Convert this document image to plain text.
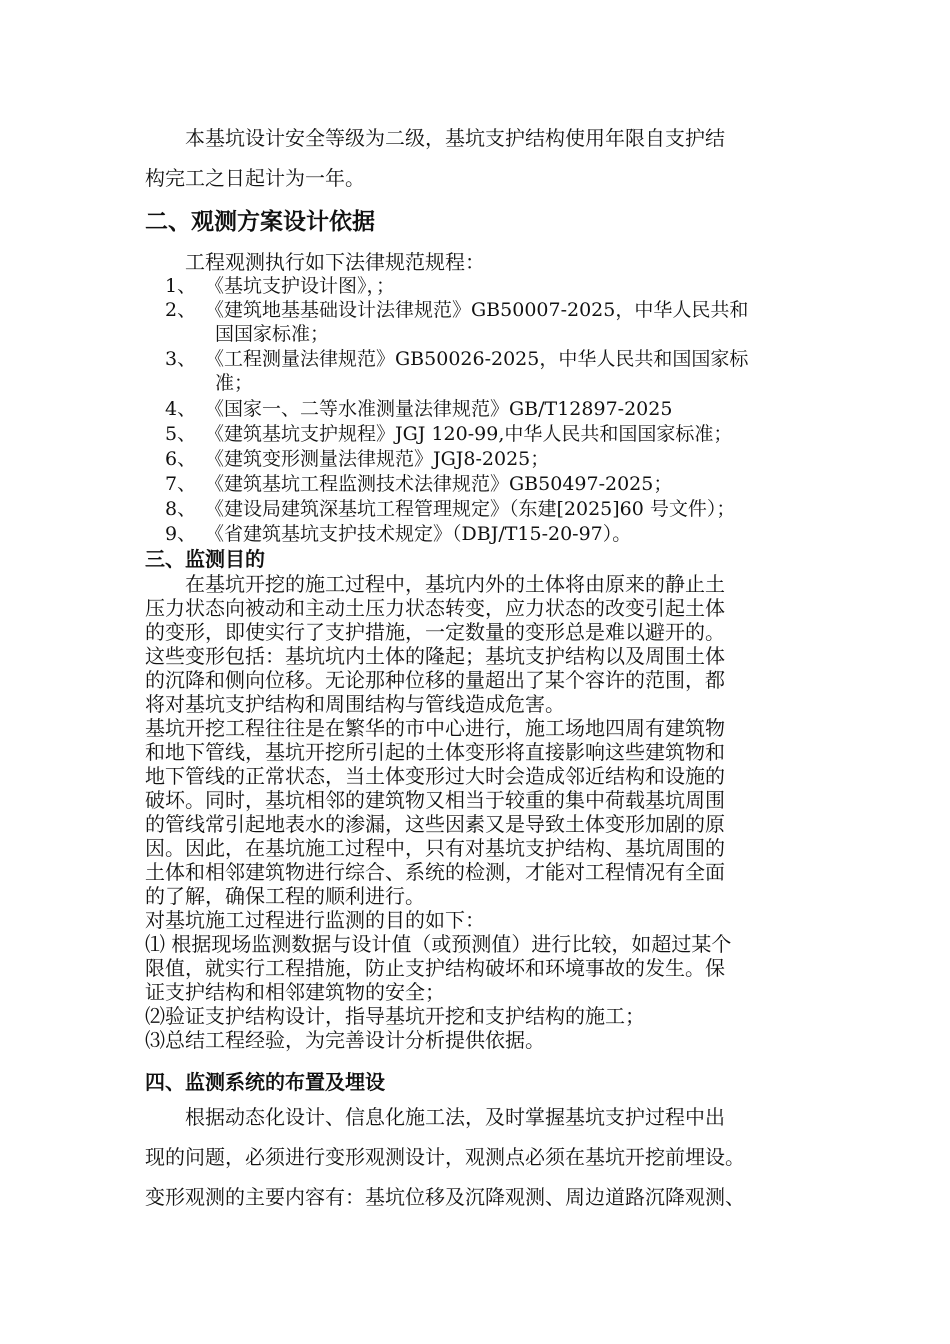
本基坑设计安全等级为二级，基坑支护结构使用年限自支护结
构完工之日起计为一年。
二、观测方案设计依据
工程观测执行如下法律规范规程：
1、 《基坑支护设计图》，；
2、 《建筑地基基础设计法律规范》GB50007-2025，中华人民共和
国国家标准；
3、 《工程测量法律规范》GB50026-2025，中华人民共和国国家标
准；
4、 《国家一、二等水准测量法律规范》GB/T12897-2025
5、 《建筑基坑支护规程》JGJ 120-99,中华人民共和国国家标准；
6、 《建筑变形测量法律规范》JGJ8-2025；
7、 《建筑基坑工程监测技术法律规范》GB50497-2025；
8、 《建设局建筑深基坑工程管理规定》（东建[2025]60 号文件）；
9、 《省建筑基坑支护技术规定》（DBJ/T15-20-97）。
三、监测目的
在基坑开挖的施工过程中，基坑内外的土体将由原来的静止土
压力状态向被动和主动土压力状态转变，应力状态的改变引起土体
的变形，即使实行了支护措施，一定数量的变形总是难以避开的。
这些变形包括：基坑坑内土体的隆起；基坑支护结构以及周围土体
的沉降和侧向位移。无论那种位移的量超出了某个容许的范围，都
将对基坑支护结构和周围结构与管线造成危害。
基坑开挖工程往往是在繁华的市中心进行，施工场地四周有建筑物
和地下管线，基坑开挖所引起的土体变形将直接影响这些建筑物和
地下管线的正常状态，当土体变形过大时会造成邻近结构和设施的
破坏。同时，基坑相邻的建筑物又相当于较重的集中荷载基坑周围
的管线常引起地表水的渗漏，这些因素又是导致土体变形加剧的原
因。因此，在基坑施工过程中，只有对基坑支护结构、基坑周围的
土体和相邻建筑物进行综合、系统的检测，才能对工程情况有全面
的了解，确保工程的顺利进行。
对基坑施工过程进行监测的目的如下：
⑴ 根据现场监测数据与设计值（或预测值）进行比较，如超过某个
限值，就实行工程措施，防止支护结构破坏和环境事故的发生。保
证支护结构和相邻建筑物的安全；
⑵验证支护结构设计，指导基坑开挖和支护结构的施工；
⑶总结工程经验，为完善设计分析提供依据。
四、监测系统的布置及埋设
根据动态化设计、信息化施工法，及时掌握基坑支护过程中出
现的问题，必须进行变形观测设计，观测点必须在基坑开挖前埋设。
变形观测的主要内容有：基坑位移及沉降观测、周边道路沉降观测、
